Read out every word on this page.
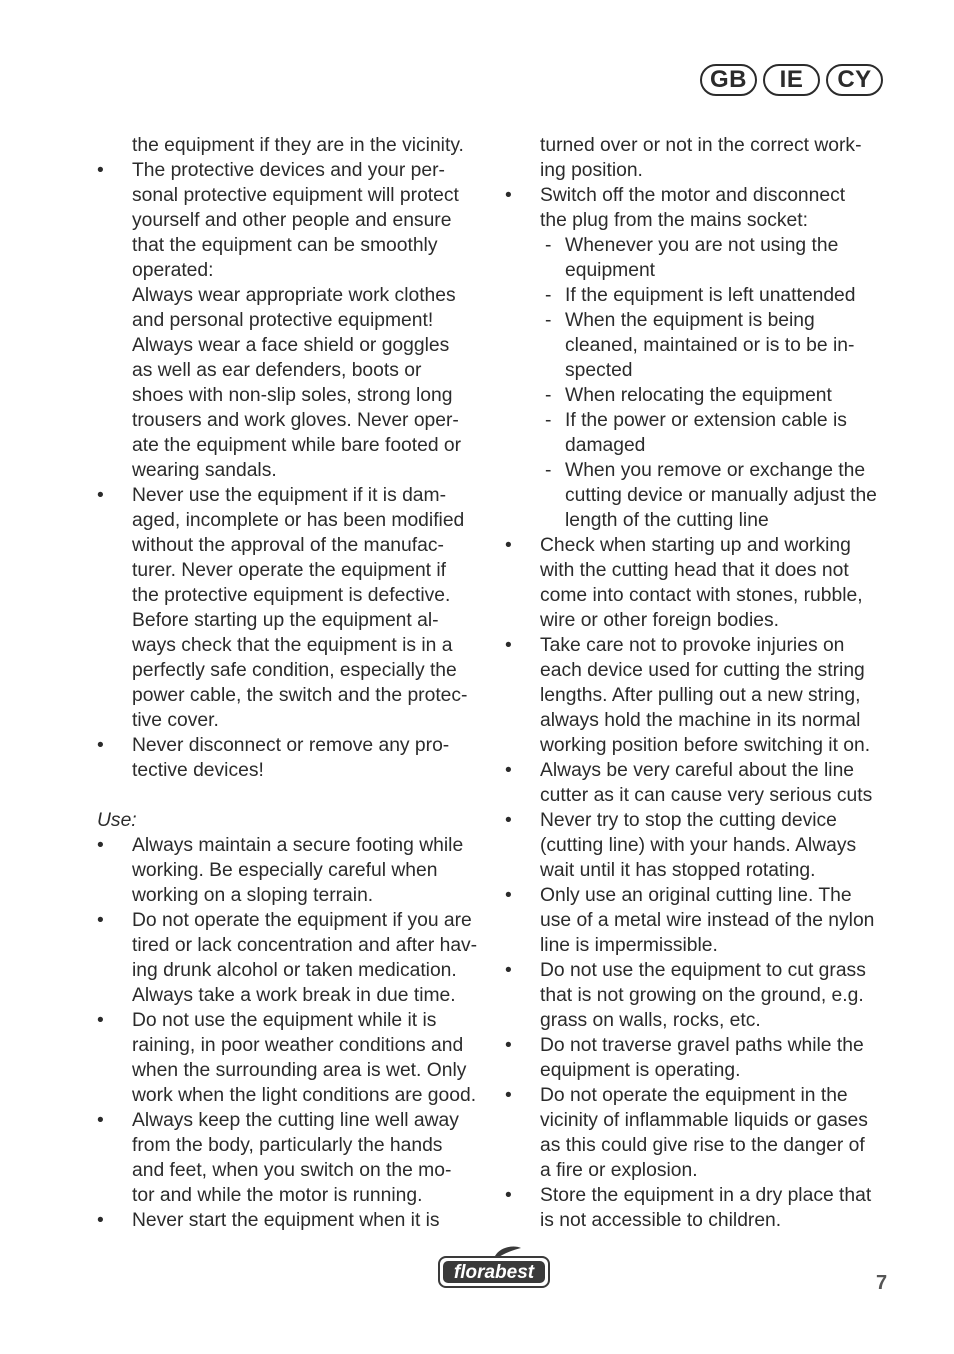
GB	IE	CY
the equipment if they are in the vicinity.
• The protective devices and your per-
sonal protective equipment will protect
yourself and other people and ensure
that the equipment can be smoothly
operated:
Always wear appropriate work clothes
and personal protective equipment!
Always wear a face shield or goggles
as well as ear defenders, boots or
shoes with non-slip soles, strong long
trousers and work gloves. Never oper-
ate the equipment while bare footed or
wearing sandals.
• Never use the equipment if it is dam-
aged, incomplete or has been modified
without the approval of the manufac-
turer. Never operate the equipment if
the protective equipment is defective.
Before starting up the equipment al-
ways check that the equipment is in a
perfectly safe condition, especially the
power cable, the switch and the protec-
tive cover.
• Never disconnect or remove any pro-
tective devices!
Use:
• Always maintain a secure footing while
working. Be especially careful when
working on a sloping terrain.
• Do not operate the equipment if you are
tired or lack concentration and after hav-
ing drunk alcohol or taken medication.
Always take a work break in due time.
• Do not use the equipment while it is
raining, in poor weather conditions and
when the surrounding area is wet. Only
work when the light conditions are good.
• Always keep the cutting line well away
from the body, particularly the hands
and feet, when you switch on the mo-
tor and while the motor is running.
• Never start the equipment when it is
turned over or not in the correct work-
ing position.
• Switch off the motor and disconnect
the plug from the mains socket:
- Whenever you are not using the
equipment
- If the equipment is left unattended
- When the equipment is being
cleaned, maintained or is to be in-
spected
- When relocating the equipment
- If the power or extension cable is
damaged
- When you remove or exchange the
cutting device or manually adjust the
length of the cutting line
• Check when starting up and working
with the cutting head that it does not
come into contact with stones, rubble,
wire or other foreign bodies.
• Take care not to provoke injuries on
each device used for cutting the string
lengths. After pulling out a new string,
always hold the machine in its normal
working position before switching it on.
• Always be very careful about the line
cutter as it can cause very serious cuts
• Never try to stop the cutting device
(cutting line) with your hands. Always
wait until it has stopped rotating.
• Only use an original cutting line. The
use of a metal wire instead of the nylon
line is impermissible.
• Do not use the equipment to cut grass
that is not growing on the ground, e.g.
grass on walls, rocks, etc.
• Do not traverse gravel paths while the
equipment is operating.
• Do not operate the equipment in the
vicinity of inflammable liquids or gases
as this could give rise to the danger of
a fire or explosion.
• Store the equipment in a dry place that
is not accessible to children.
florabest	7
